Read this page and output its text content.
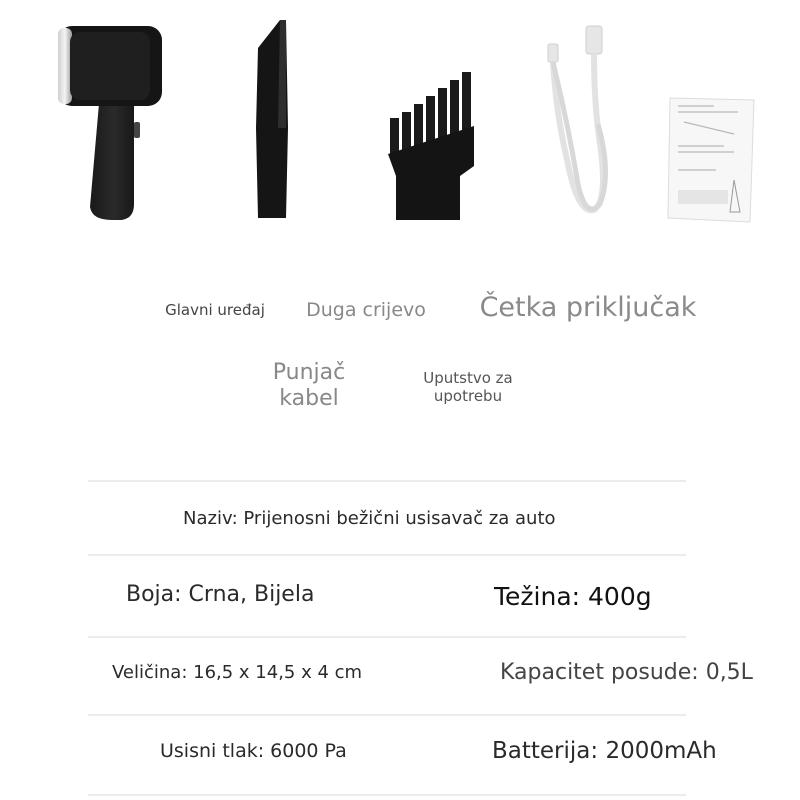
Glavni uređaj	Duga crijevo	Četka priključak
Punjač kabel
Uputstvo za upotrebu
Naziv: Prijenosni bežični usisavač za auto
Boja: Crna, Bijela	Težina: 400g
Veličina: 16,5 x 14,5 x 4 cm	Kapacitet posude: 0,5L
Usisni tlak: 6000 Pa	Batterija: 2000mAh
